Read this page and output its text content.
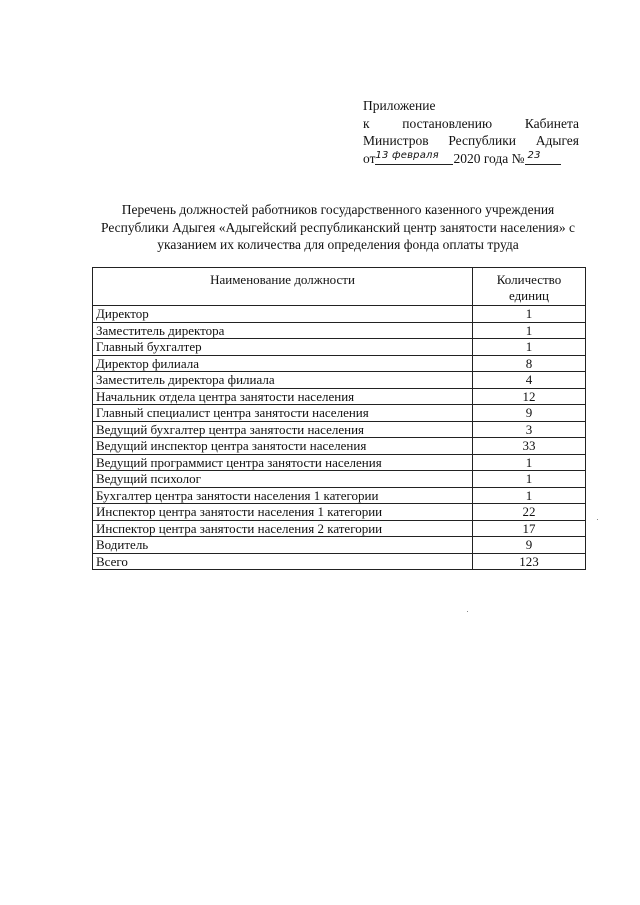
Приложение
к постановлению Кабинета
Министров Республики Адыгея
от13 февраля 2020 года № 23
Перечень должностей работников государственного казенного учреждения Республики Адыгея «Адыгейский республиканский центр занятости населения» с указанием их количества для определения фонда оплаты труда
Наименование должности	Количество единиц
Директор	1
Заместитель директора	1
Главный бухгалтер	1
Директор филиала	8
Заместитель директора филиала	4
Начальник отдела центра занятости населения	12
Главный специалист центра занятости населения	9
Ведущий бухгалтер центра занятости населения	3
Ведущий инспектор центра занятости населения	33
Ведущий программист центра занятости населения	1
Ведущий психолог	1
Бухгалтер центра занятости населения 1 категории	1
Инспектор центра занятости населения 1 категории	22
Инспектор центра занятости населения 2 категории	17
Водитель	9
Всего	123
